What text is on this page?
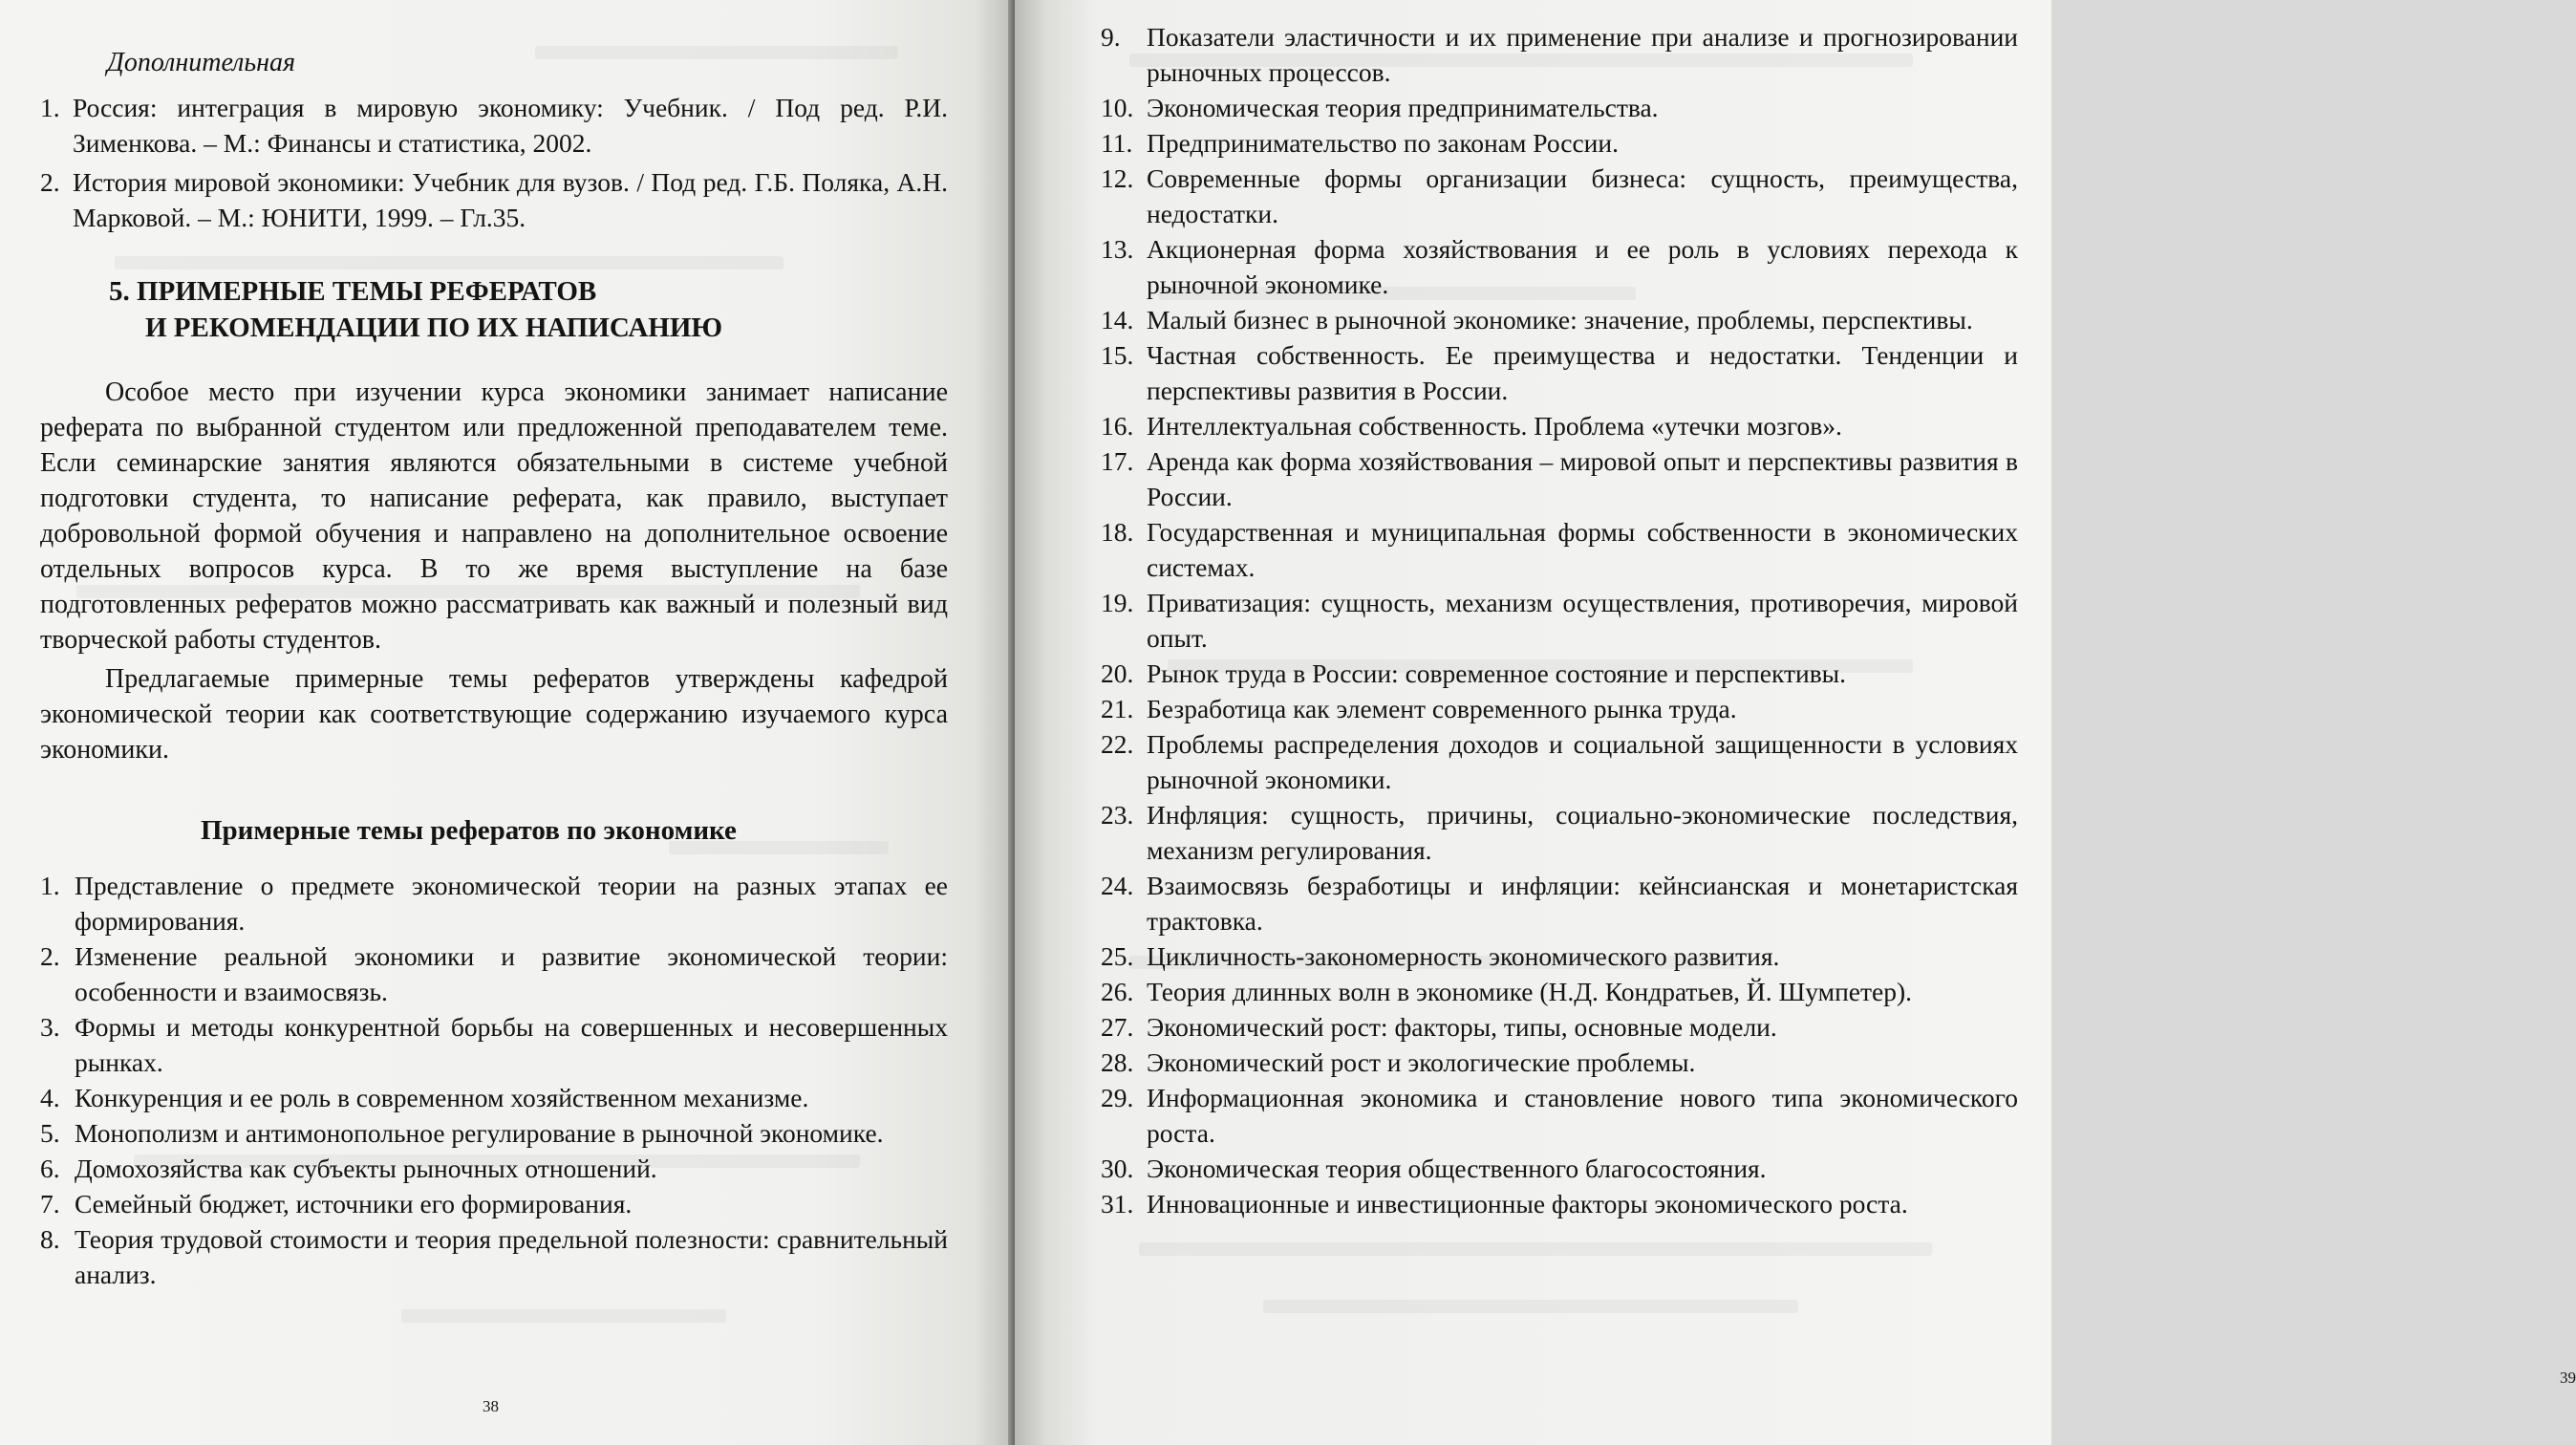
Дополнительная
1. Россия: интеграция в мировую экономику: Учебник. / Под ред. Р.И. Зименкова. – М.: Финансы и статистика, 2002.
2. История мировой экономики: Учебник для вузов. / Под ред. Г.Б. Поляка, А.Н. Марковой. – М.: ЮНИТИ, 1999. – Гл.35.
5. ПРИМЕРНЫЕ ТЕМЫ РЕФЕРАТОВ
И РЕКОМЕНДАЦИИ ПО ИХ НАПИСАНИЮ

Особое место при изучении курса экономики занимает написание реферата по выбранной студентом или предложенной преподавателем теме. Если семинарские занятия являются обязательными в системе учебной подготовки студента, то написание реферата, как правило, выступает добровольной формой обучения и направлено на дополнительное освоение отдельных вопросов курса. В то же время выступление на базе подготовленных рефератов можно рассматривать как важный и полезный вид творческой работы студентов.

Предлагаемые примерные темы рефератов утверждены кафедрой экономической теории как соответствующие содержанию изучаемого курса экономики.

Примерные темы рефератов по экономике
1. Представление о предмете экономической теории на разных этапах ее формирования.
2. Изменение реальной экономики и развитие экономической теории: особенности и взаимосвязь.
3. Формы и методы конкурентной борьбы на совершенных и несовершенных рынках.
4. Конкуренция и ее роль в современном хозяйственном механизме.
5. Монополизм и антимонопольное регулирование в рыночной экономике.
6. Домохозяйства как субъекты рыночных отношений.
7. Семейный бюджет, источники его формирования.
8. Теория трудовой стоимости и теория предельной полезности: сравнительный анализ.
38
9. Показатели эластичности и их применение при анализе и прогнозировании рыночных процессов.
10. Экономическая теория предпринимательства.
11. Предпринимательство по законам России.
12. Современные формы организации бизнеса: сущность, преимущества, недостатки.
13. Акционерная форма хозяйствования и ее роль в условиях перехода к рыночной экономике.
14. Малый бизнес в рыночной экономике: значение, проблемы, перспективы.
15. Частная собственность. Ее преимущества и недостатки. Тенденции и перспективы развития в России.
16. Интеллектуальная собственность. Проблема «утечки мозгов».
17. Аренда как форма хозяйствования – мировой опыт и перспективы развития в России.
18. Государственная и муниципальная формы собственности в экономических системах.
19. Приватизация: сущность, механизм осуществления, противоречия, мировой опыт.
20. Рынок труда в России: современное состояние и перспективы.
21. Безработица как элемент современного рынка труда.
22. Проблемы распределения доходов и социальной защищенности в условиях рыночной экономики.
23. Инфляция: сущность, причины, социально-экономические последствия, механизм регулирования.
24. Взаимосвязь безработицы и инфляции: кейнсианская и монетаристская трактовка.
25. Цикличность-закономерность экономического развития.
26. Теория длинных волн в экономике (Н.Д. Кондратьев, Й. Шумпетер).
27. Экономический рост: факторы, типы, основные модели.
28. Экономический рост и экологические проблемы.
29. Информационная экономика и становление нового типа экономического роста.
30. Экономическая теория общественного благосостояния.
31. Инновационные и инвестиционные факторы экономического роста.
39
